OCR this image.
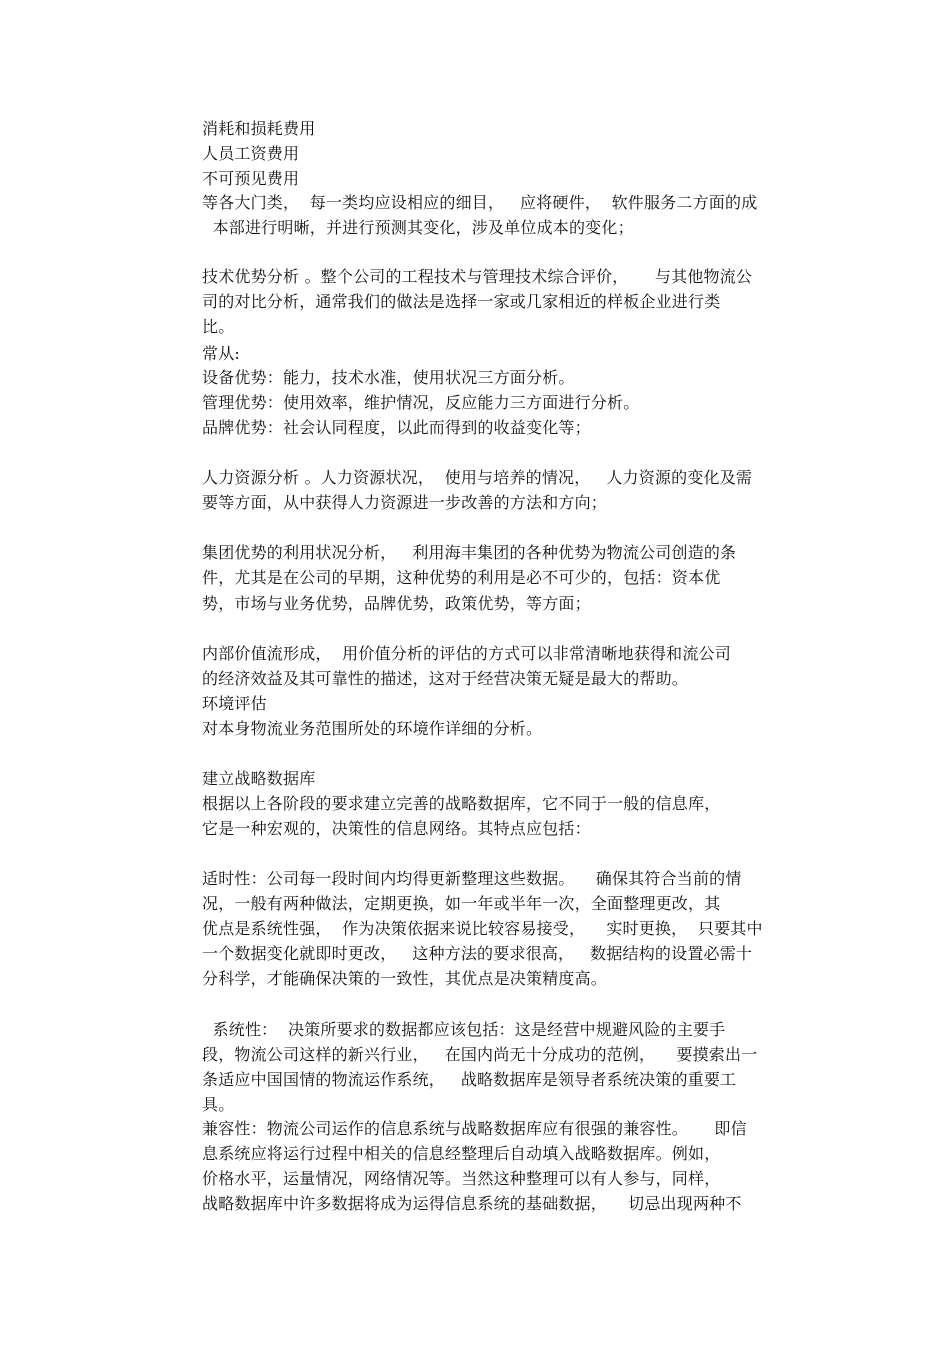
消耗和损耗费用
人员工资费用
不可预见费用
等各大门类，  每一类均应设相应的细目，   应将硬件，  软件服务二方面的成
本部进行明晰，并进行预测其变化，涉及单位成本的变化；
技术优势分析 。整个公司的工程技术与管理技术综合评价，     与其他物流公
司的对比分析，通常我们的做法是选择一家或几家相近的样板企业进行类
比。
常从:
设备优势：能力，技术水准，使用状况三方面分析。
管理优势：使用效率，维护情况，反应能力三方面进行分析。
品牌优势：社会认同程度，以此而得到的收益变化等；
人力资源分析 。人力资源状况，  使用与培养的情况，   人力资源的变化及需
要等方面，从中获得人力资源进一步改善的方法和方向；
集团优势的利用状况分析，   利用海丰集团的各种优势为物流公司创造的条
件，尤其是在公司的早期，这种优势的利用是必不可少的，包括：资本优
势，市场与业务优势，品牌优势，政策优势，等方面；
内部价值流形成，  用价值分析的评估的方式可以非常清晰地获得和流公司
的经济效益及其可靠性的描述，这对于经营决策无疑是最大的帮助。
环境评估
对本身物流业务范围所处的环境作详细的分析。
建立战略数据库
根据以上各阶段的要求建立完善的战略数据库，它不同于一般的信息库，
它是一种宏观的，决策性的信息网络。其特点应包括：
适时性：公司每一段时间内均得更新整理这些数据。    确保其符合当前的情
况，一般有两种做法，定期更换，如一年或半年一次，全面整理更改，其
优点是系统性强，  作为决策依据来说比较容易接受，    实时更换，  只要其中
一个数据变化就即时更改，   这种方法的要求很高，   数据结构的设置必需十
分科学，才能确保决策的一致性，其优点是决策精度高。
系统性：  决策所要求的数据都应该包括：这是经营中规避风险的主要手
段，物流公司这样的新兴行业，   在国内尚无十分成功的范例，    要摸索出一
条适应中国国情的物流运作系统，   战略数据库是领导者系统决策的重要工
具。
兼容性：物流公司运作的信息系统与战略数据库应有很强的兼容性。     即信
息系统应将运行过程中相关的信息经整理后自动填入战略数据库。例如，
价格水平，运量情况，网络情况等。当然这种整理可以有人参与，同样，
战略数据库中许多数据将成为运得信息系统的基础数据，    切忌出现两种不
